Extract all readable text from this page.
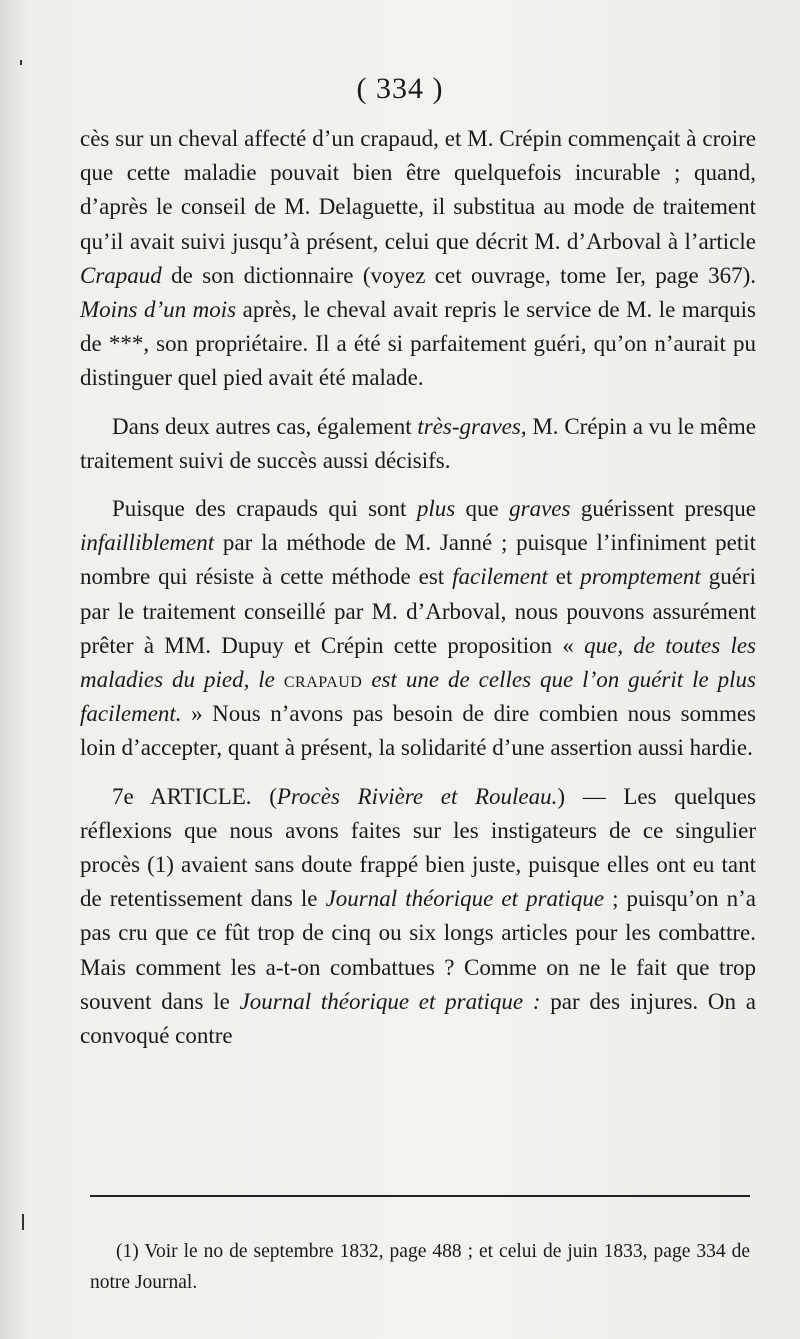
( 334 )

cès sur un cheval affecté d’un crapaud, et M. Crépin commençait à croire que cette maladie pouvait bien être quelquefois incurable ; quand, d’après le conseil de M. Delaguette, il substitua au mode de traitement qu’il avait suivi jusqu’à présent, celui que décrit M. d’Arboval à l’article Crapaud de son dictionnaire (voyez cet ouvrage, tome Ier, page 367). Moins d’un mois après, le cheval avait repris le service de M. le marquis de ***, son propriétaire. Il a été si parfaitement guéri, qu’on n’aurait pu distinguer quel pied avait été malade.

Dans deux autres cas, également très-graves, M. Crépin a vu le même traitement suivi de succès aussi décisifs.

Puisque des crapauds qui sont plus que graves guérissent presque infailliblement par la méthode de M. Janné ; puisque l’infiniment petit nombre qui résiste à cette méthode est facilement et promptement guéri par le traitement conseillé par M. d’Arboval, nous pouvons assurément prêter à MM. Dupuy et Crépin cette proposition « que, de toutes les maladies du pied, le crapaud est une de celles que l’on guérit le plus facilement. » Nous n’avons pas besoin de dire combien nous sommes loin d’accepter, quant à présent, la solidarité d’une assertion aussi hardie.

7e ARTICLE. (Procès Rivière et Rouleau.) — Les quelques réflexions que nous avons faites sur les instigateurs de ce singulier procès (1) avaient sans doute frappé bien juste, puisque elles ont eu tant de retentissement dans le Journal théorique et pratique ; puisqu’on n’a pas cru que ce fût trop de cinq ou six longs articles pour les combattre. Mais comment les a-t-on combattues ? Comme on ne le fait que trop souvent dans le Journal théorique et pratique : par des injures. On a convoqué contre

(1) Voir le no de septembre 1832, page 488 ; et celui de juin 1833, page 334 de notre Journal.
